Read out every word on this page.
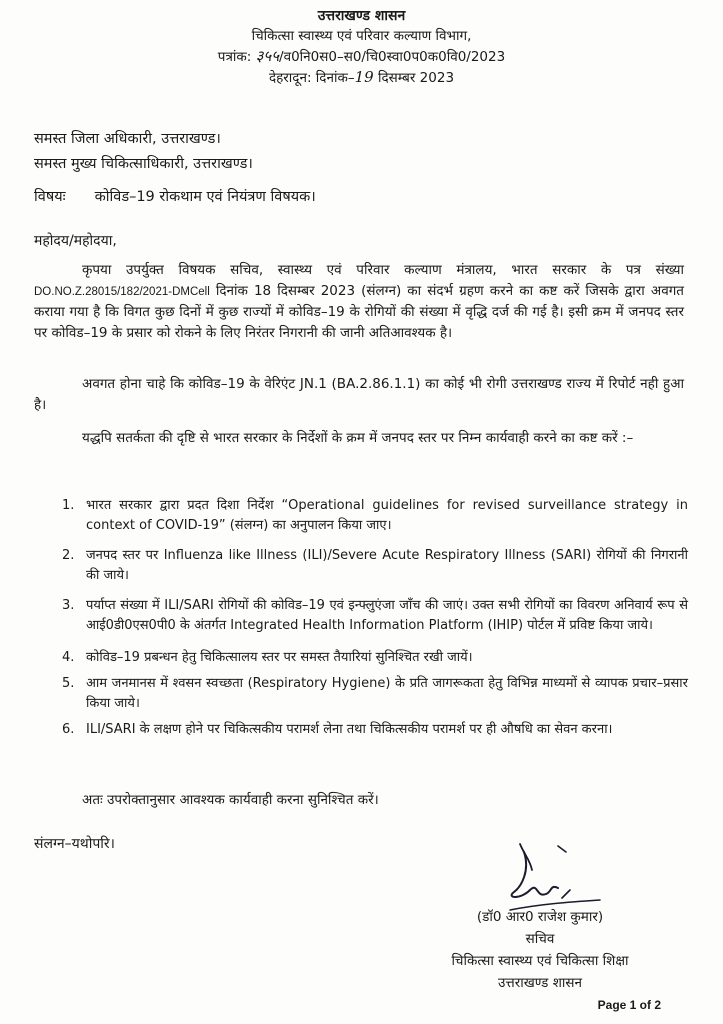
उत्तराखण्ड शासन
चिकित्सा स्वास्थ्य एवं परिवार कल्याण विभाग,
पत्रांक: ३५५/व0नि0स0–स0/चि0स्वा0प0क0वि0/2023
देहरादून: दिनांक–19 दिसम्बर 2023
समस्त जिला अधिकारी, उत्तराखण्ड।
समस्त मुख्य चिकित्साधिकारी, उत्तराखण्ड।
विषयः कोविड–19 रोकथाम एवं नियंत्रण विषयक।
महोदय/महोदया,

कृपया उपर्युक्त विषयक सचिव, स्वास्थ्य एवं परिवार कल्याण मंत्रालय, भारत सरकार के पत्र संख्या DO.NO.Z.28015/182/2021-DMCell दिनांक 18 दिसम्बर 2023 (संलग्न) का संदर्भ ग्रहण करने का कष्ट करें जिसके द्वारा अवगत कराया गया है कि विगत कुछ दिनों में कुछ राज्यों में कोविड–19 के रोगियों की संख्या में वृद्धि दर्ज की गई है। इसी क्रम में जनपद स्तर पर कोविड–19 के प्रसार को रोकने के लिए निरंतर निगरानी की जानी अतिआवश्यक है।

अवगत होना चाहे कि कोविड–19 के वेरिएंट JN.1 (BA.2.86.1.1) का कोई भी रोगी उत्तराखण्ड राज्य में रिपोर्ट नही हुआ है।

यद्धपि सतर्कता की दृष्टि से भारत सरकार के निर्देशों के क्रम में जनपद स्तर पर निम्न कार्यवाही करने का कष्ट करें :–

1. भारत सरकार द्वारा प्रदत दिशा निर्देश “Operational guidelines for revised surveillance strategy in context of COVID-19” (संलग्न) का अनुपालन किया जाए।
2. जनपद स्तर पर Influenza like Illness (ILI)/Severe Acute Respiratory Illness (SARI) रोगियों की निगरानी की जाये।
3. पर्याप्त संख्या में ILI/SARI रोगियों की कोविड–19 एवं इन्फ्लुएंजा जाँच की जाएं। उक्त सभी रोगियों का विवरण अनिवार्य रूप से आई0डी0एस0पी0 के अंतर्गत Integrated Health Information Platform (IHIP) पोर्टल में प्रविष्ट किया जाये।
4. कोविड–19 प्रबन्धन हेतु चिकित्सालय स्तर पर समस्त तैयारियां सुनिश्चित रखी जायें।
5. आम जनमानस में श्वसन स्वच्छता (Respiratory Hygiene) के प्रति जागरूकता हेतु विभिन्न माध्यमों से व्यापक प्रचार–प्रसार किया जाये।
6. ILI/SARI के लक्षण होने पर चिकित्सकीय परामर्श लेना तथा चिकित्सकीय परामर्श पर ही औषधि का सेवन करना।
अतः उपरोक्तानुसार आवश्यक कार्यवाही करना सुनिश्चित करें।
संलग्न–यथोपरि।
(डॉ0 आर0 राजेश कुमार)
सचिव
चिकित्सा स्वास्थ्य एवं चिकित्सा शिक्षा
उत्तराखण्ड शासन
Page 1 of 2
